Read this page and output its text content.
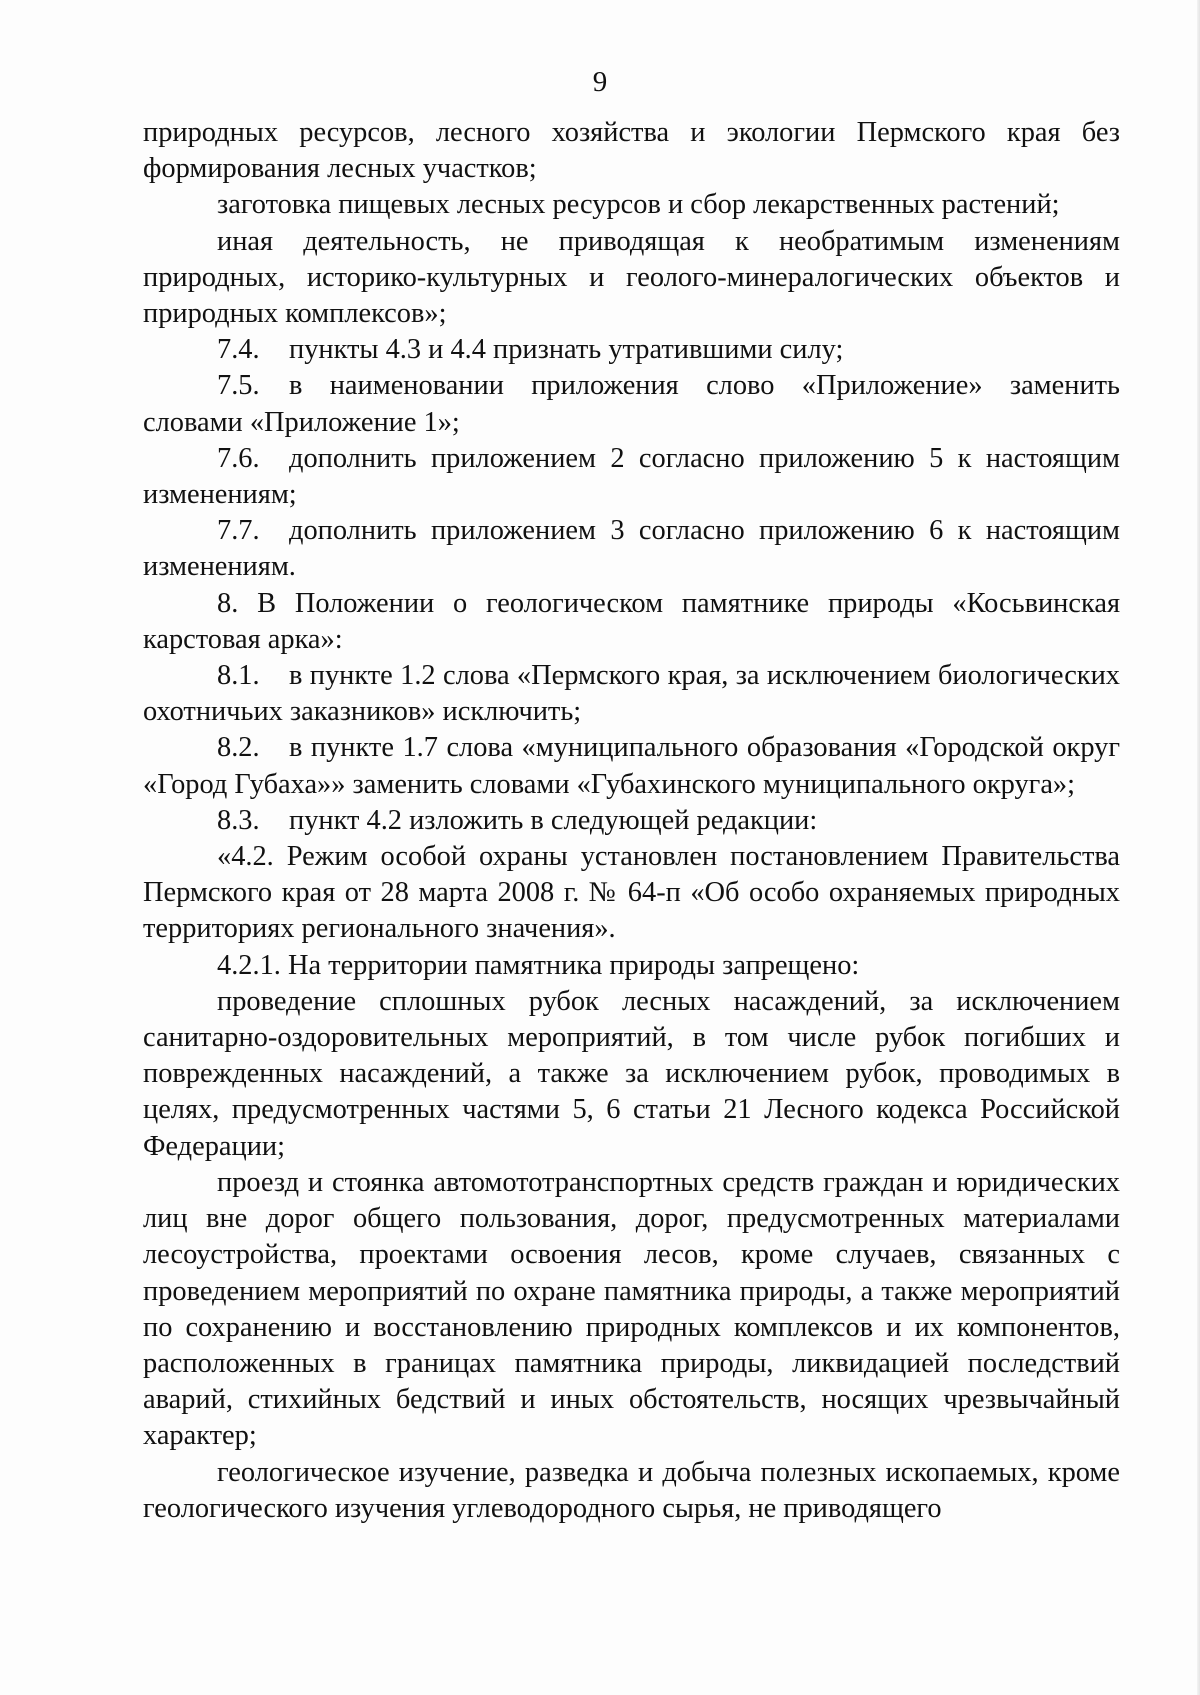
9

природных ресурсов, лесного хозяйства и экологии Пермского края без формирования лесных участков;

заготовка пищевых лесных ресурсов и сбор лекарственных растений;

иная деятельность, не приводящая к необратимым изменениям природных, историко-культурных и геолого-минералогических объектов и природных комплексов»;

7.4. пункты 4.3 и 4.4 признать утратившими силу;

7.5. в наименовании приложения слово «Приложение» заменить словами «Приложение 1»;

7.6. дополнить приложением 2 согласно приложению 5 к настоящим изменениям;

7.7. дополнить приложением 3 согласно приложению 6 к настоящим изменениям.

8. В Положении о геологическом памятнике природы «Косьвинская карстовая арка»:

8.1. в пункте 1.2 слова «Пермского края, за исключением биологических охотничьих заказников» исключить;

8.2. в пункте 1.7 слова «муниципального образования «Городской округ «Город Губаха»» заменить словами «Губахинского муниципального округа»;

8.3. пункт 4.2 изложить в следующей редакции:

«4.2. Режим особой охраны установлен постановлением Правительства Пермского края от 28 марта 2008 г. № 64-п «Об особо охраняемых природных территориях регионального значения».

4.2.1. На территории памятника природы запрещено:

проведение сплошных рубок лесных насаждений, за исключением санитарно-оздоровительных мероприятий, в том числе рубок погибших и поврежденных насаждений, а также за исключением рубок, проводимых в целях, предусмотренных частями 5, 6 статьи 21 Лесного кодекса Российской Федерации;

проезд и стоянка автомототранспортных средств граждан и юридических лиц вне дорог общего пользования, дорог, предусмотренных материалами лесоустройства, проектами освоения лесов, кроме случаев, связанных с проведением мероприятий по охране памятника природы, а также мероприятий по сохранению и восстановлению природных комплексов и их компонентов, расположенных в границах памятника природы, ликвидацией последствий аварий, стихийных бедствий и иных обстоятельств, носящих чрезвычайный характер;

геологическое изучение, разведка и добыча полезных ископаемых, кроме геологического изучения углеводородного сырья, не приводящего
